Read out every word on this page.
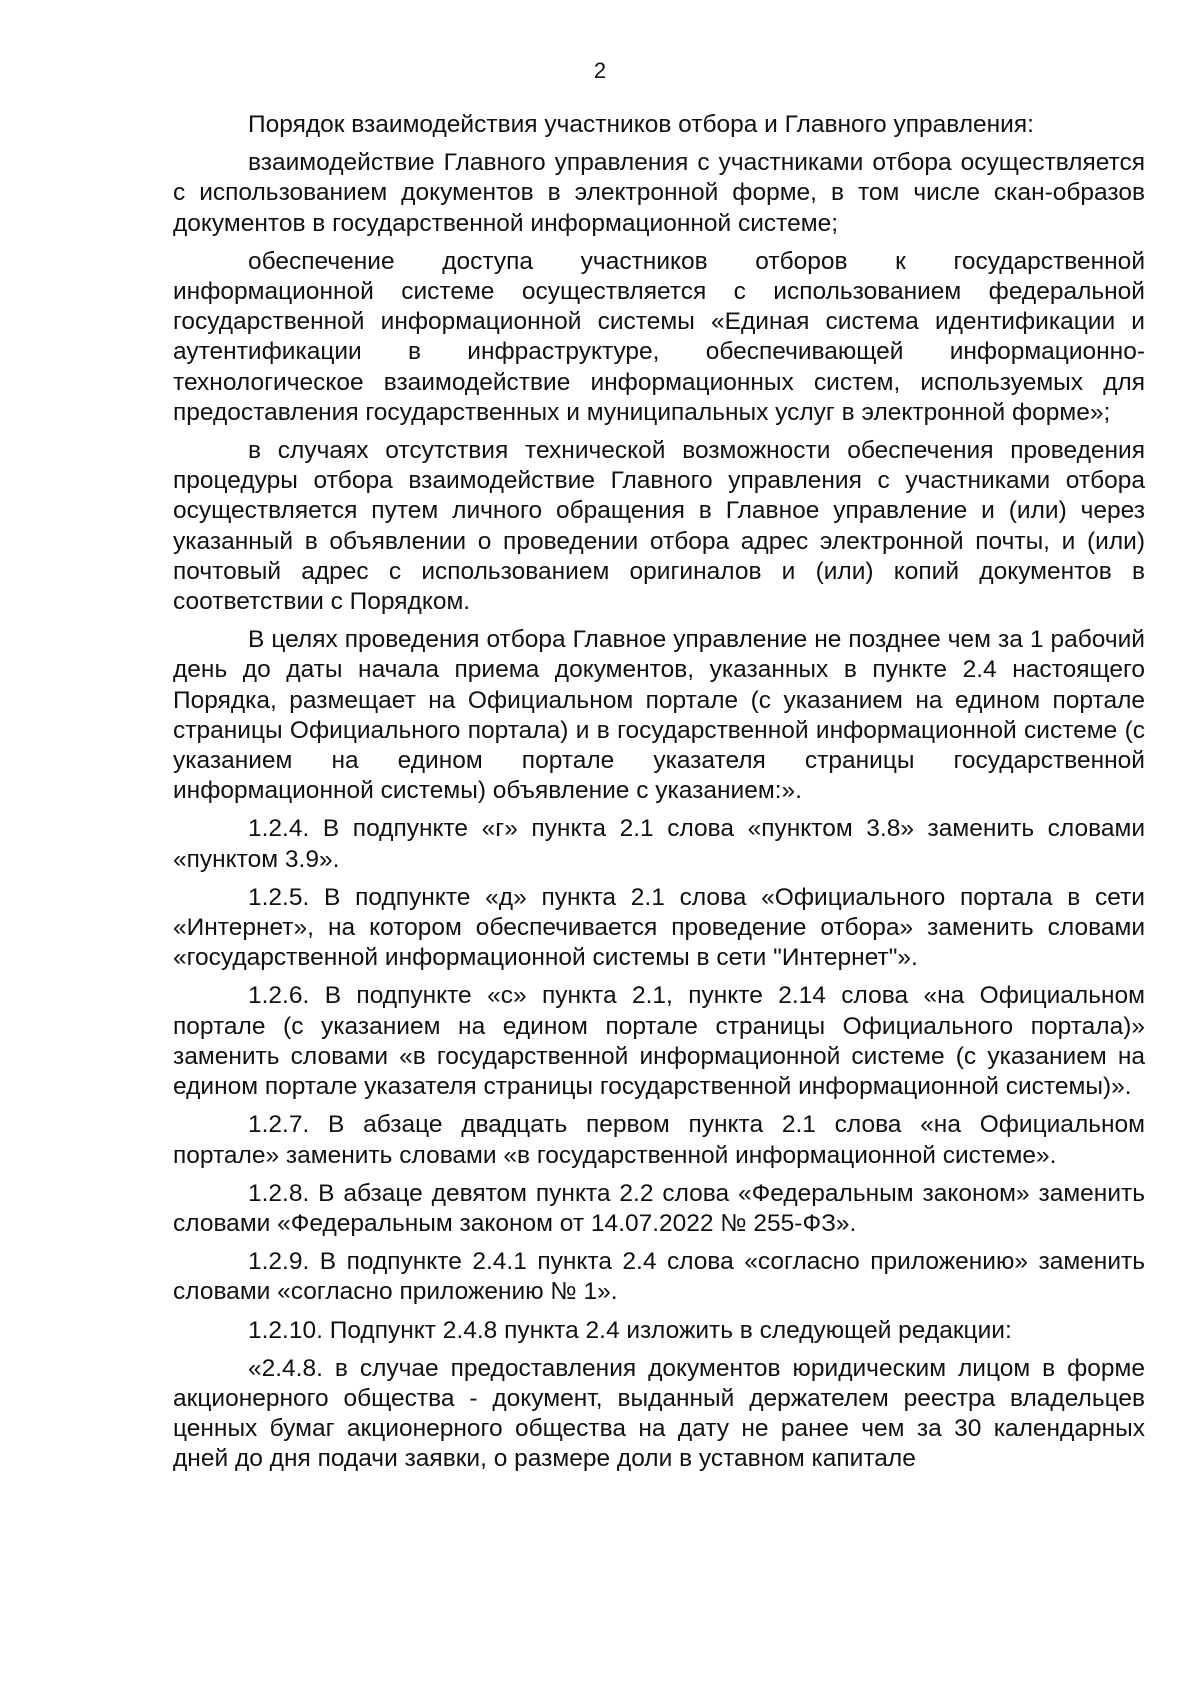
2

Порядок взаимодействия участников отбора и Главного управления:

взаимодействие Главного управления с участниками отбора осуществляется с использованием документов в электронной форме, в том числе скан-образов документов в государственной информационной системе;

обеспечение доступа участников отборов к государственной информационной системе осуществляется с использованием федеральной государственной информационной системы «Единая система идентификации и аутентификации в инфраструктуре, обеспечивающей информационно-технологическое взаимодействие информационных систем, используемых для предоставления государственных и муниципальных услуг в электронной форме»;

в случаях отсутствия технической возможности обеспечения проведения процедуры отбора взаимодействие Главного управления с участниками отбора осуществляется путем личного обращения в Главное управление и (или) через указанный в объявлении о проведении отбора адрес электронной почты, и (или) почтовый адрес с использованием оригиналов и (или) копий документов в соответствии с Порядком.

В целях проведения отбора Главное управление не позднее чем за 1 рабочий день до даты начала приема документов, указанных в пункте 2.4 настоящего Порядка, размещает на Официальном портале (с указанием на едином портале страницы Официального портала) и в государственной информационной системе (с указанием на едином портале указателя страницы государственной информационной системы) объявление с указанием:».

1.2.4. В подпункте «г» пункта 2.1 слова «пунктом 3.8» заменить словами «пунктом 3.9».

1.2.5. В подпункте «д» пункта 2.1 слова «Официального портала в сети «Интернет», на котором обеспечивается проведение отбора» заменить словами «государственной информационной системы в сети "Интернет"».

1.2.6. В подпункте «с» пункта 2.1, пункте 2.14 слова «на Официальном портале (с указанием на едином портале страницы Официального портала)» заменить словами «в государственной информационной системе (с указанием на едином портале указателя страницы государственной информационной системы)».

1.2.7. В абзаце двадцать первом пункта 2.1 слова «на Официальном портале» заменить словами «в государственной информационной системе».

1.2.8. В абзаце девятом пункта 2.2 слова «Федеральным законом» заменить словами «Федеральным законом от 14.07.2022 № 255-ФЗ».

1.2.9. В подпункте 2.4.1 пункта 2.4 слова «согласно приложению» заменить словами «согласно приложению № 1».

1.2.10. Подпункт 2.4.8 пункта 2.4 изложить в следующей редакции:

«2.4.8. в случае предоставления документов юридическим лицом в форме акционерного общества - документ, выданный держателем реестра владельцев ценных бумаг акционерного общества на дату не ранее чем за 30 календарных дней до дня подачи заявки, о размере доли в уставном капитале
